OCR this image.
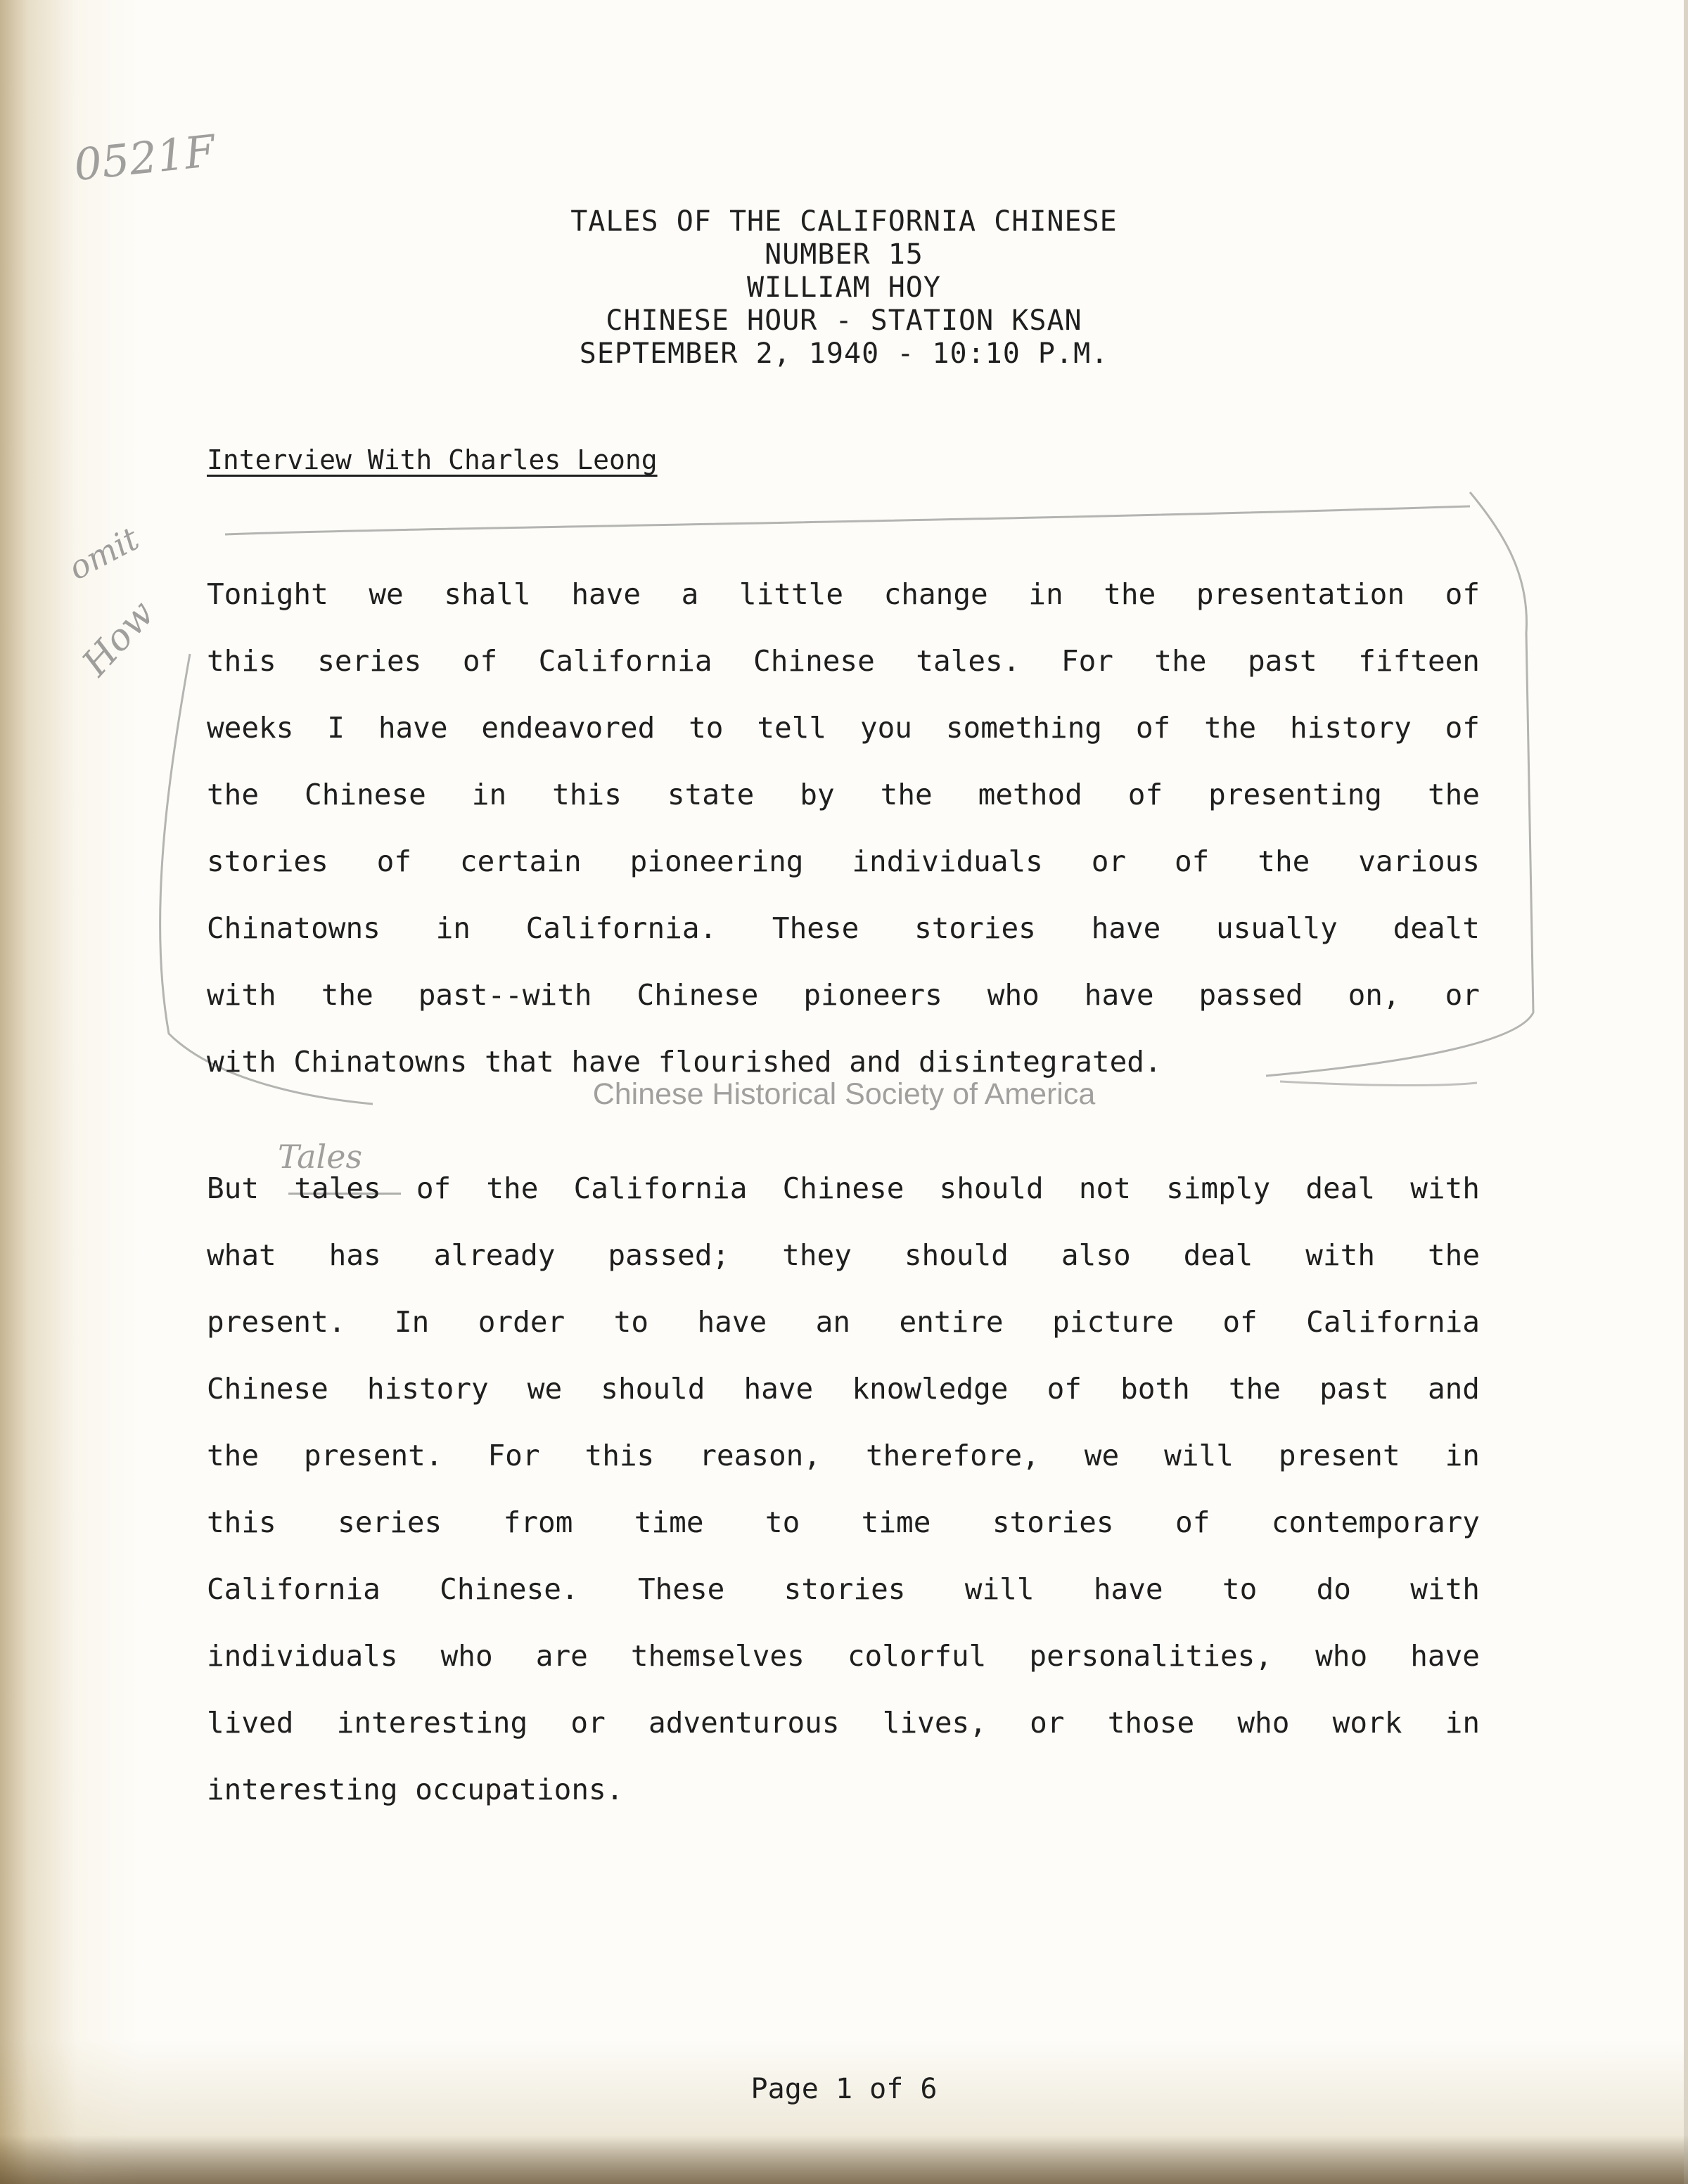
0521F
omit
How
Tales
TALES OF THE CALIFORNIA CHINESE
NUMBER 15
WILLIAM HOY
CHINESE HOUR - STATION KSAN
SEPTEMBER 2, 1940 - 10:10 P.M.
Interview With Charles Leong
Tonight we shall have a little change in the presentation of
this series of California Chinese tales. For the past fifteen
weeks I have endeavored to tell you something of the history of
the Chinese in this state by the method of presenting the
stories of certain pioneering individuals or of the various
Chinatowns in California. These stories have usually dealt
with the past--with Chinese pioneers who have passed on, or
with Chinatowns that have flourished and disintegrated.
Chinese Historical Society of America
But tales of the California Chinese should not simply deal with
what has already passed; they should also deal with the
present. In order to have an entire picture of California
Chinese history we should have knowledge of both the past and
the present. For this reason, therefore, we will present in
this series from time to time stories of contemporary
California Chinese. These stories will have to do with
individuals who are themselves colorful personalities, who have
lived interesting or adventurous lives, or those who work in
interesting occupations.
Page 1 of 6
